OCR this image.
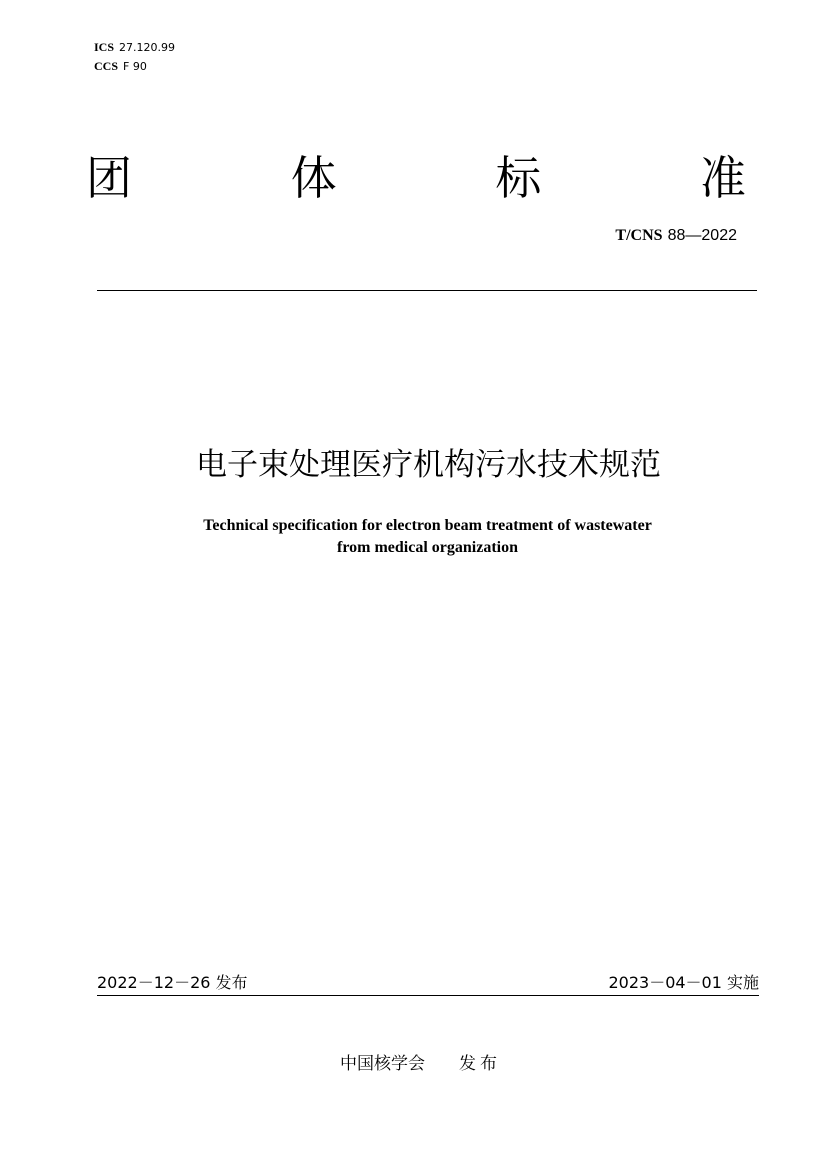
ICS 27.120.99
CCS F 90
团	体	标	准
T/CNS 88—2022
电子束处理医疗机构污水技术规范
Technical specification for electron beam treatment of wastewater
from medical organization
2022－12－26 发布	2023－04－01 实施
中国核学会 发 布
